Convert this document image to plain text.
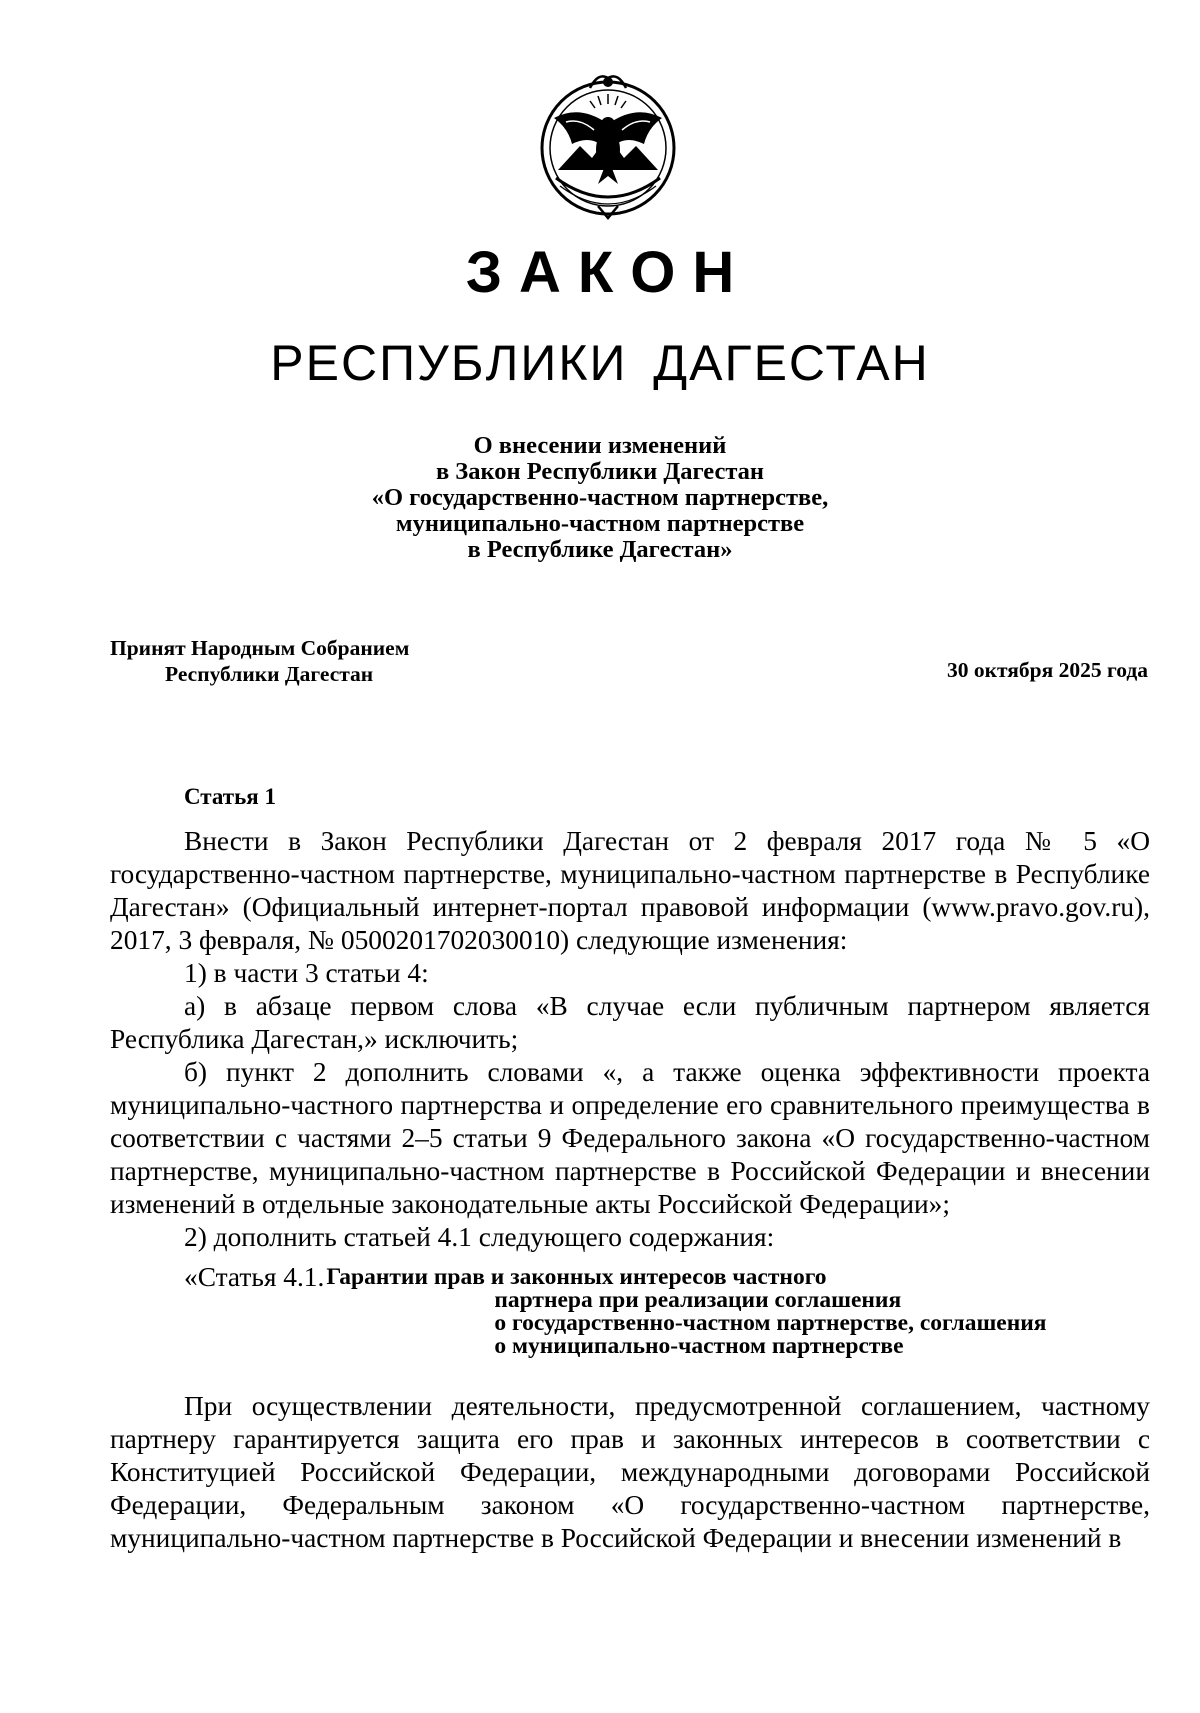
ЗАКОН
РЕСПУБЛИКИ ДАГЕСТАН
О внесении изменений
в Закон Республики Дагестан
«О государственно-частном партнерстве,
муниципально-частном партнерстве
в Республике Дагестан»
Принят Народным Собранием
Республики Дагестан	30 октября 2025 года
Статья 1

Внести в Закон Республики Дагестан от 2 февраля 2017 года № 5 «О государственно-частном партнерстве, муниципально-частном партнерстве в Республике Дагестан» (Официальный интернет-портал правовой информации (www.pravo.gov.ru), 2017, 3 февраля, № 0500201702030010) следующие изменения:

1) в части 3 статьи 4:

а) в абзаце первом слова «В случае если публичным партнером является Республика Дагестан,» исключить;

б) пункт 2 дополнить словами «, а также оценка эффективности проекта муниципально-частного партнерства и определение его сравнительного преимущества в соответствии с частями 2–5 статьи 9 Федерального закона «О государственно-частном партнерстве, муниципально-частном партнерстве в Российской Федерации и внесении изменений в отдельные законодательные акты Российской Федерации»;

2) дополнить статьей 4.1 следующего содержания:

«Статья 4.1. Гарантии прав и законных интересов частного
партнера при реализации соглашения
о государственно-частном партнерстве, соглашения
о муниципально-частном партнерстве

При осуществлении деятельности, предусмотренной соглашением, частному партнеру гарантируется защита его прав и законных интересов в соответствии с Конституцией Российской Федерации, международными договорами Российской Федерации, Федеральным законом «О государственно-частном партнерстве, муниципально-частном партнерстве в Российской Федерации и внесении изменений в
